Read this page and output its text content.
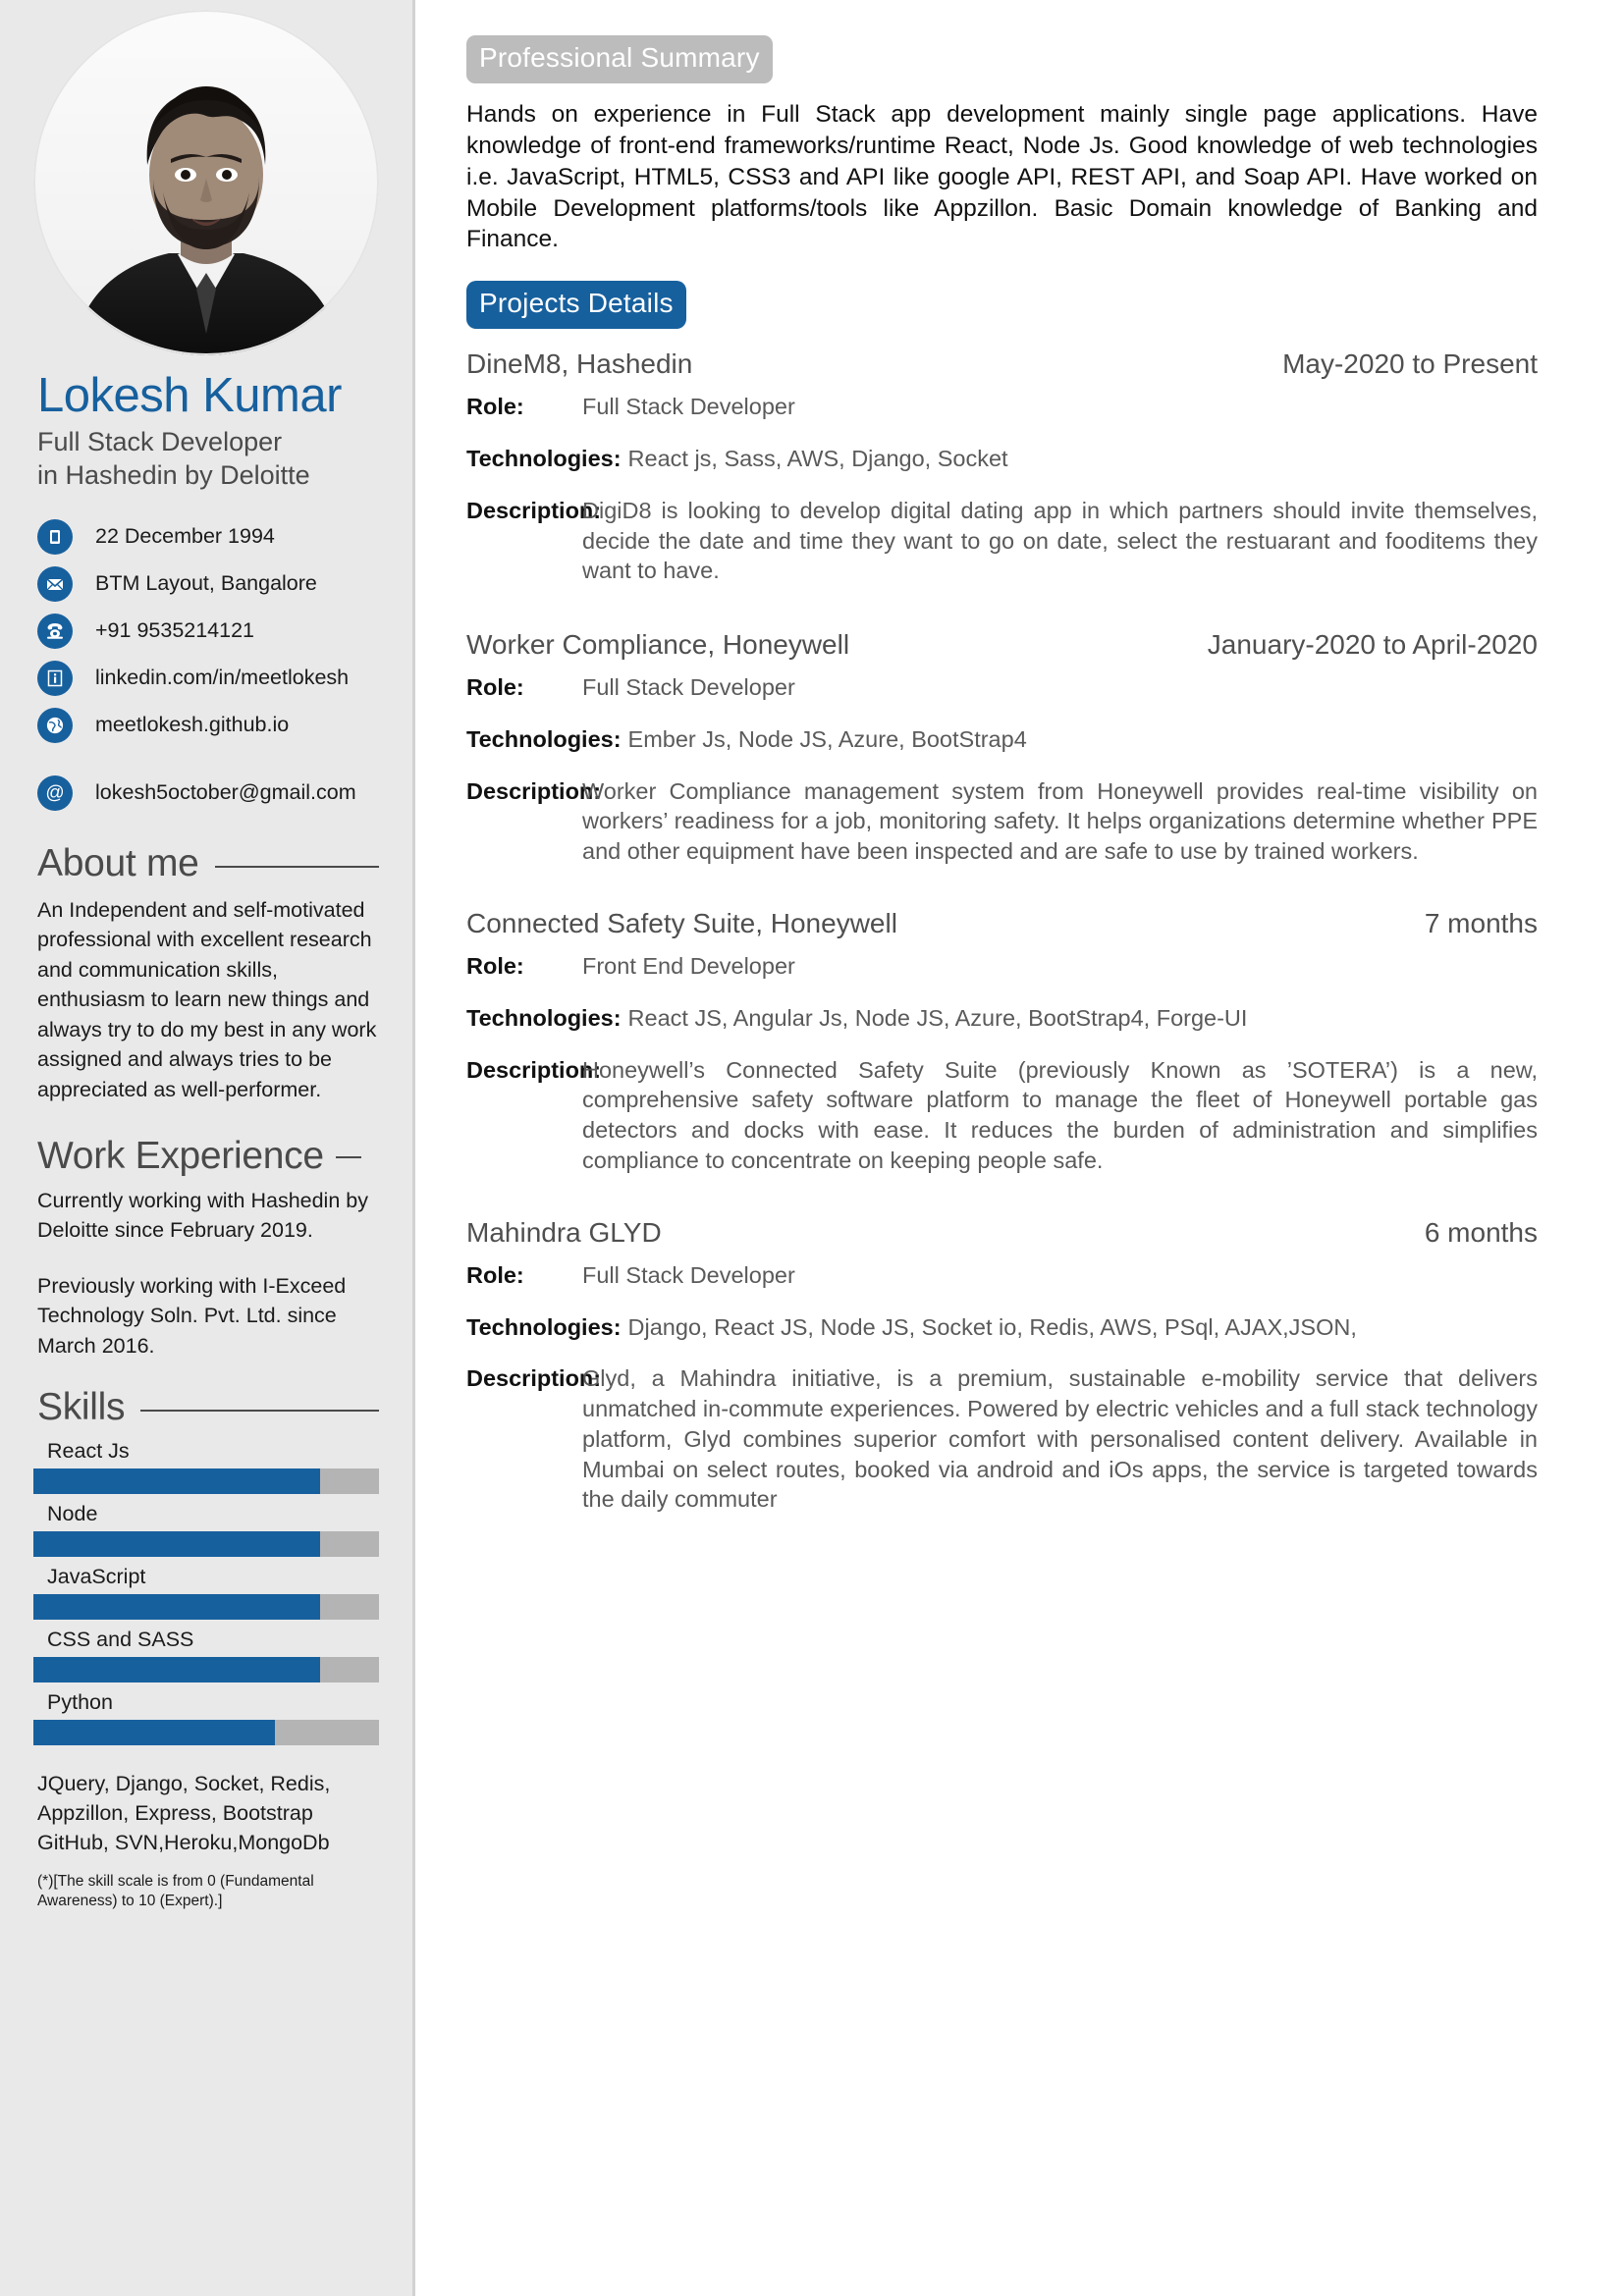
Lokesh Kumar
Full Stack Developer
in Hashedin by Deloitte
22 December 1994
BTM Layout, Bangalore
+91 9535214121
linkedin.com/in/meetlokesh
meetlokesh.github.io
@ lokesh5october@gmail.com
About me

An Independent and self-motivated professional with excellent research and communication skills, enthusiasm to learn new things and always try to do my best in any work assigned and always tries to be appreciated as well-performer.

Work Experience

Currently working with Hashedin by Deloitte since February 2019.

Previously working with I-Exceed Technology Soln. Pvt. Ltd. since March 2016.

Skills
React Js
Node
JavaScript
CSS and SASS
Python

JQuery, Django, Socket, Redis, Appzillon, Express, Bootstrap GitHub, SVN,Heroku,MongoDb

(*)[The skill scale is from 0 (Fundamental Awareness) to 10 (Expert).]

Professional Summary

Hands on experience in Full Stack app development mainly single page applications. Have knowledge of front-end frameworks/runtime React, Node Js. Good knowledge of web technologies i.e. JavaScript, HTML5, CSS3 and API like google API, REST API, and Soap API. Have worked on Mobile Development platforms/tools like Appzillon. Basic Domain knowledge of Banking and Finance.

Projects Details
DineM8, Hashedin	May-2020 to Present
Role:	Full Stack Developer
Technologies: React js, Sass, AWS, Django, Socket
Description:
DigiD8 is looking to develop digital dating app in which partners should invite themselves, decide the date and time they want to go on date, select the restuarant and fooditems they want to have.
Worker Compliance, Honeywell	January-2020 to April-2020
Role:	Full Stack Developer
Technologies: Ember Js, Node JS, Azure, BootStrap4
Description:
Worker Compliance management system from Honeywell provides real-time visibility on workers’ readiness for a job, monitoring safety. It helps organizations determine whether PPE and other equipment have been inspected and are safe to use by trained workers.
Connected Safety Suite, Honeywell	7 months
Role:	Front End Developer
Technologies: React JS, Angular Js, Node JS, Azure, BootStrap4, Forge-UI
Description:
Honeywell’s Connected Safety Suite (previously Known as ’SOTERA’) is a new, comprehensive safety software platform to manage the fleet of Honeywell portable gas detectors and docks with ease. It reduces the burden of administration and simplifies compliance to concentrate on keeping people safe.
Mahindra GLYD	6 months
Role:	Full Stack Developer
Technologies: Django, React JS, Node JS, Socket io, Redis, AWS, PSql, AJAX,JSON,
Description:
Glyd, a Mahindra initiative, is a premium, sustainable e-mobility service that delivers unmatched in-commute experiences. Powered by electric vehicles and a full stack technology platform, Glyd combines superior comfort with personalised content delivery. Available in Mumbai on select routes, booked via android and iOs apps, the service is targeted towards the daily commuter
